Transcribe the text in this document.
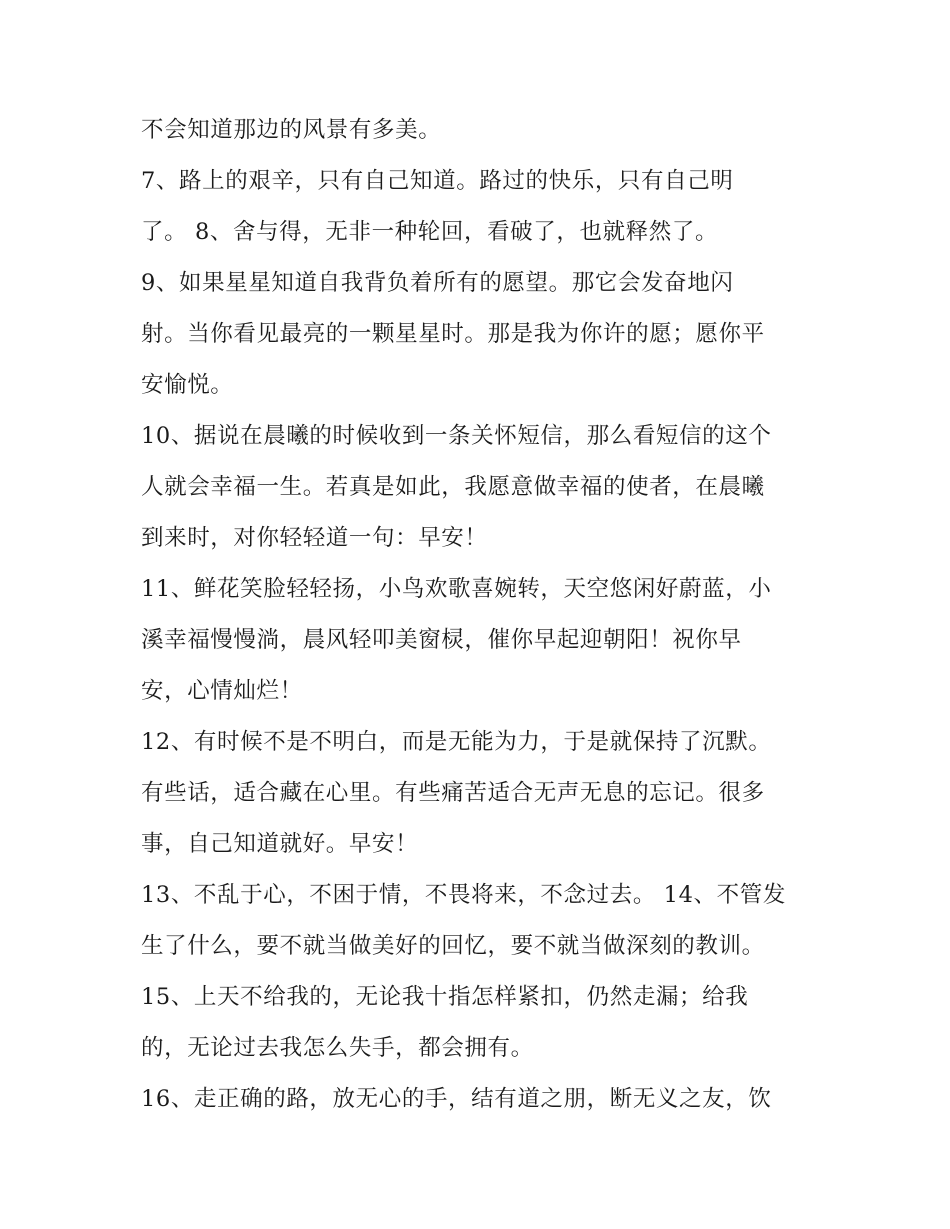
不会知道那边的风景有多美。
7、路上的艰辛，只有自己知道。路过的快乐，只有自己明
了。 8、舍与得，无非一种轮回，看破了，也就释然了。
9、如果星星知道自我背负着所有的愿望。那它会发奋地闪
射。当你看见最亮的一颗星星时。那是我为你许的愿；愿你平
安愉悦。
10、据说在晨曦的时候收到一条关怀短信，那么看短信的这个
人就会幸福一生。若真是如此，我愿意做幸福的使者，在晨曦
到来时，对你轻轻道一句：早安！
11、鲜花笑脸轻轻扬，小鸟欢歌喜婉转，天空悠闲好蔚蓝，小
溪幸福慢慢淌，晨风轻叩美窗棂，催你早起迎朝阳！祝你早
安，心情灿烂！
12、有时候不是不明白，而是无能为力，于是就保持了沉默。
有些话，适合藏在心里。有些痛苦适合无声无息的忘记。很多
事，自己知道就好。早安！
13、不乱于心，不困于情，不畏将来，不念过去。 14、不管发
生了什么，要不就当做美好的回忆，要不就当做深刻的教训。
15、上天不给我的，无论我十指怎样紧扣，仍然走漏；给我
的，无论过去我怎么失手，都会拥有。
16、走正确的路，放无心的手，结有道之朋，断无义之友，饮
